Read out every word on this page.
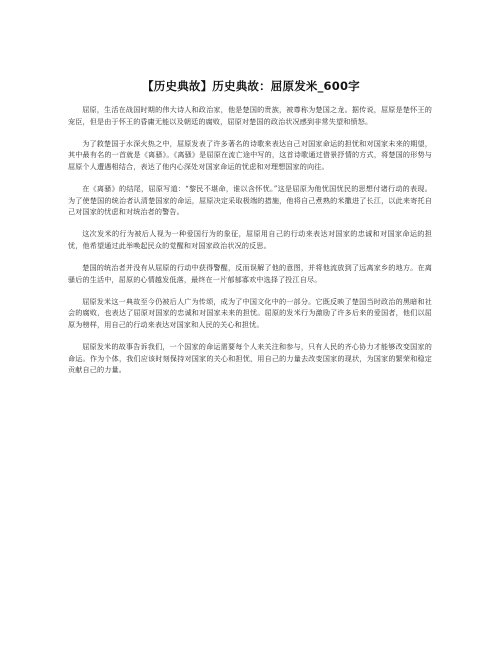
【历史典故】历史典故：屈原发米_600字

屈原，生活在战国时期的伟大诗人和政治家，他是楚国的贵族，被尊称为楚国之龙。据传说，屈原是楚怀王的宠臣，但是由于怀王的昏庸无能以及朝廷的腐败，屈原对楚国的政治状况感到非常失望和愤怒。

为了救楚国于水深火热之中，屈原发表了许多著名的诗歌来表达自己对国家命运的担忧和对国家未来的期望，其中最有名的一首就是《离骚》。《离骚》是屈原在流亡途中写的，这首诗歌通过借景抒情的方式，将楚国的形势与屈原个人遭遇相结合，表达了他内心深处对国家命运的忧虑和对理想国家的向往。

在《离骚》的结尾，屈原写道：“黎民不堪命，谁以含怀忧。”这是屈原为他忧国忧民的思想付诸行动的表现。为了使楚国的统治者认清楚国家的命运，屈原决定采取极端的措施，他将自己煮熟的米撒进了长江，以此来寄托自己对国家的忧虑和对统治者的警告。

这次发米的行为被后人视为一种爱国行为的象征，屈原用自己的行动来表达对国家的忠诚和对国家命运的担忧，他希望通过此举唤起民众的觉醒和对国家政治状况的反思。

楚国的统治者并没有从屈原的行动中获得警醒，反而误解了他的意图，并将他流放到了远离家乡的地方。在离骚后的生活中，屈原的心情越发低落，最终在一片郁郁寡欢中选择了投江自尽。

屈原发米这一典故至今仍被后人广为传颂，成为了中国文化中的一部分。它既反映了楚国当时政治的黑暗和社会的腐败，也表达了屈原对国家的忠诚和对国家未来的担忧。屈原的发米行为激励了许多后来的爱国者，他们以屈原为榜样，用自己的行动来表达对国家和人民的关心和担忧。

屈原发米的故事告诉我们，一个国家的命运需要每个人来关注和参与，只有人民的齐心协力才能够改变国家的命运。作为个体，我们应该时刻保持对国家的关心和担忧，用自己的力量去改变国家的现状，为国家的繁荣和稳定贡献自己的力量。
